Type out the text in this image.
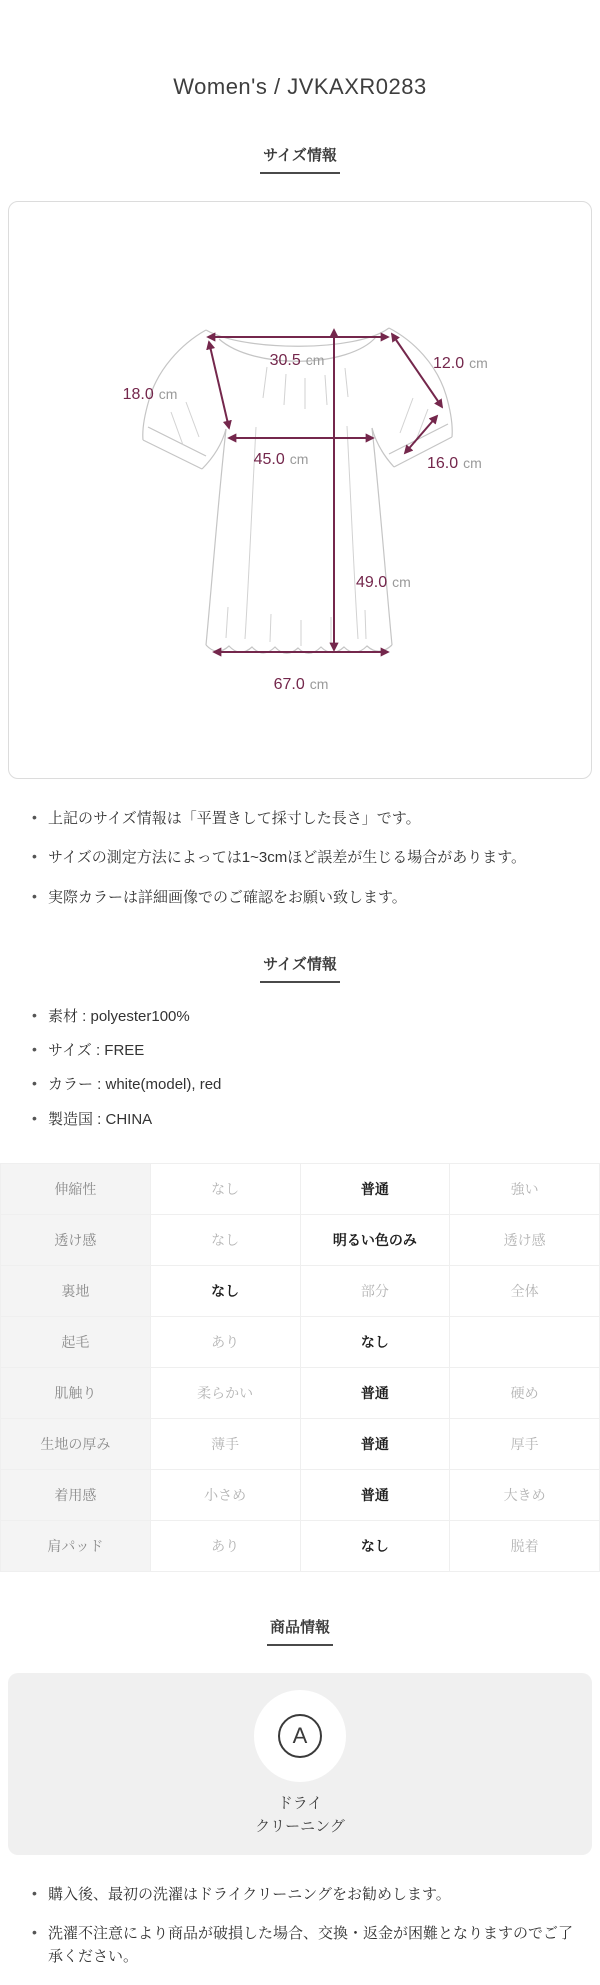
Women's / JVKAXR0283
サイズ情報
30.5 cm	12.0 cm
18.0 cm
45.0 cm	16.0 cm
49.0 cm
67.0 cm
• 上記のサイズ情報は「平置きして採寸した長さ」です。
• サイズの測定方法によっては1~3cmほど誤差が生じる場合があります。
• 実際カラーは詳細画像でのご確認をお願い致します。
サイズ情報
• 素材 : polyester100%
• サイズ : FREE
• カラー : white(model), red
• 製造国 : CHINA
伸縮性	なし	普通	強い
透け感	なし	明るい色のみ	透け感
裏地	なし	部分	全体
起毛	あり	なし	
肌触り	柔らかい	普通	硬め
生地の厚み	薄手	普通	厚手
着用感	小さめ	普通	大きめ
肩パッド	あり	なし	脱着
商品情報
A
ドライ
クリーニング
• 購入後、最初の洗濯はドライクリーニングをお勧めします。
• 洗濯不注意により商品が破損した場合、交換・返金が困難となりますのでご了承ください。
